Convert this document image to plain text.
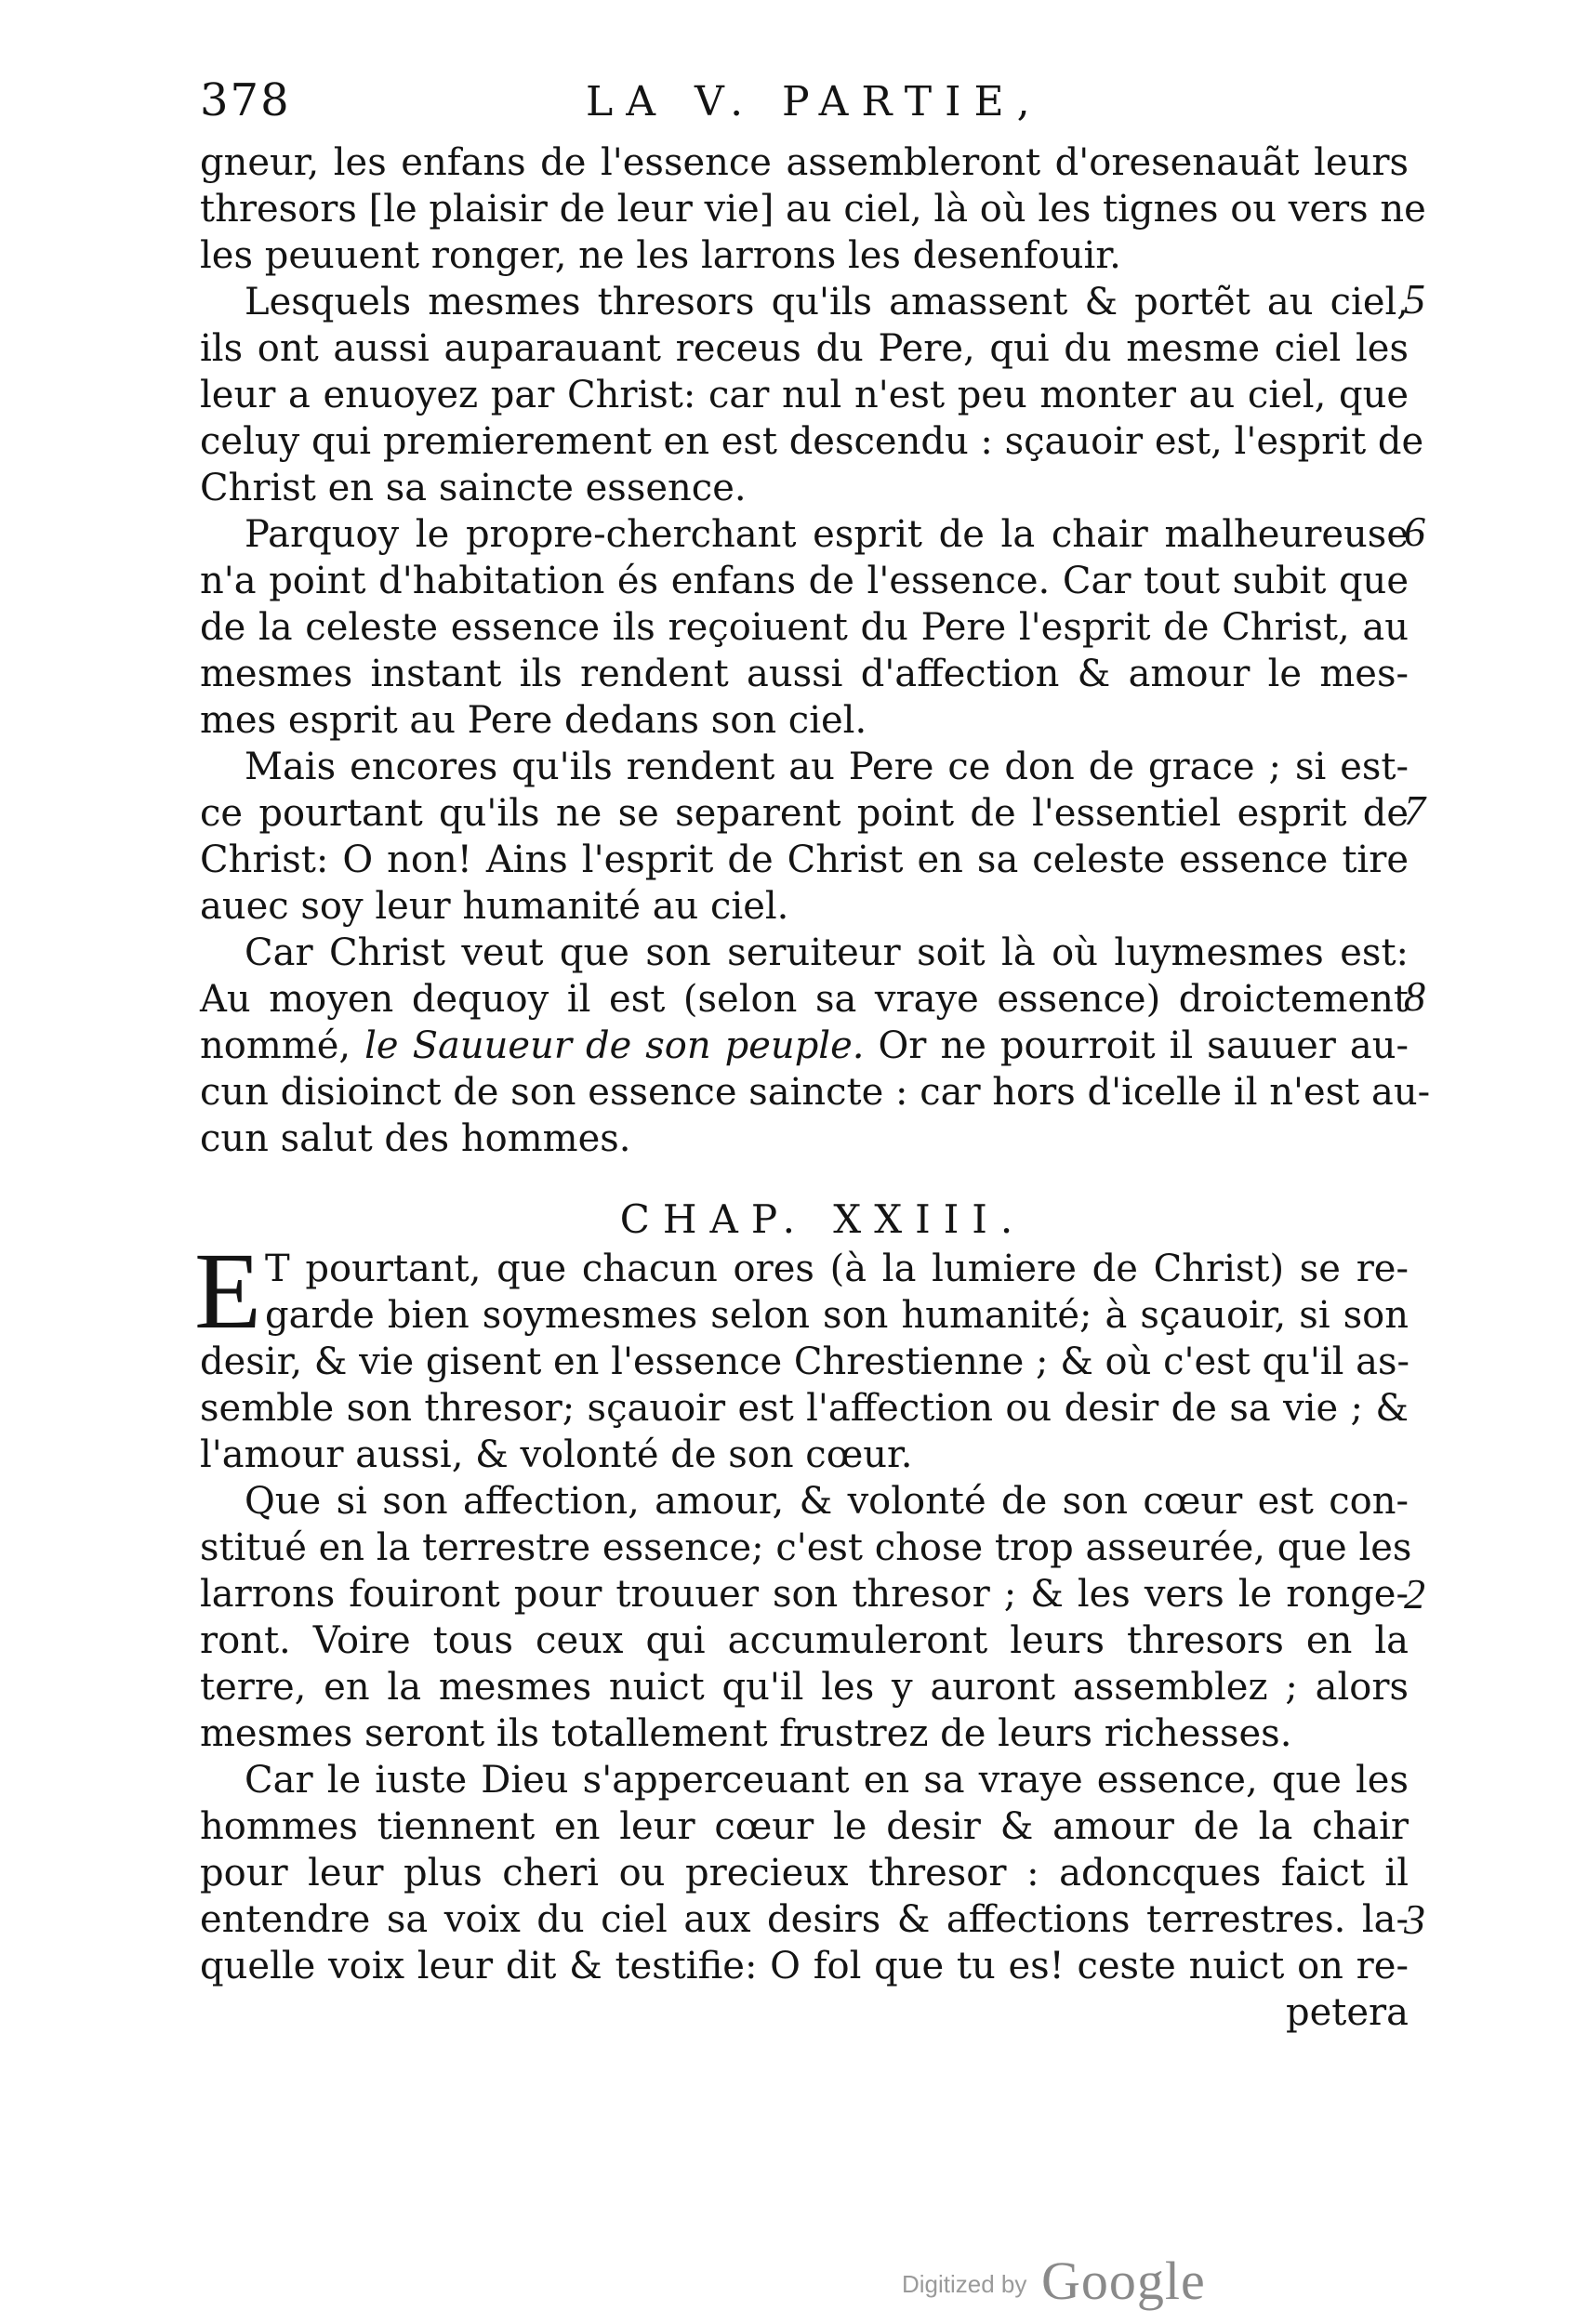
378	LA V. PARTIE,
5
6
7
8
2
3
gneur, les enfans de l'essence assembleront d'oresenauãt leurs
thresors [le plaisir de leur vie] au ciel, là où les tignes ou vers ne
les peuuent ronger, ne les larrons les desenfouir.
Lesquels mesmes thresors qu'ils amassent & portẽt au ciel,
ils ont aussi auparauant receus du Pere, qui du mesme ciel les
leur a enuoyez par Christ: car nul n'est peu monter au ciel, que
celuy qui premierement en est descendu : sçauoir est, l'esprit de
Christ en sa saincte essence.
Parquoy le propre-cherchant esprit de la chair malheureuse
n'a point d'habitation és enfans de l'essence. Car tout subit que
de la celeste essence ils reçoiuent du Pere l'esprit de Christ, au
mesmes instant ils rendent aussi d'affection & amour le mes-
mes esprit au Pere dedans son ciel.
Mais encores qu'ils rendent au Pere ce don de grace ; si est-
ce pourtant qu'ils ne se separent point de l'essentiel esprit de
Christ: O non! Ains l'esprit de Christ en sa celeste essence tire
auec soy leur humanité au ciel.
Car Christ veut que son seruiteur soit là où luymesmes est:
Au moyen dequoy il est (selon sa vraye essence) droictement
nommé, le Sauueur de son peuple. Or ne pourroit il sauuer au-
cun disioinct de son essence saincte : car hors d'icelle il n'est au-
cun salut des hommes.
CHAP. XXIII.
E T pourtant, que chacun ores (à la lumiere de Christ) se re-
garde bien soymesmes selon son humanité; à sçauoir, si son
desir, & vie gisent en l'essence Chrestienne ; & où c'est qu'il as-
semble son thresor; sçauoir est l'affection ou desir de sa vie ; &
l'amour aussi, & volonté de son cœur.
Que si son affection, amour, & volonté de son cœur est con-
stitué en la terrestre essence; c'est chose trop asseurée, que les
larrons fouiront pour trouuer son thresor ; & les vers le ronge-
ront. Voire tous ceux qui accumuleront leurs thresors en la
terre, en la mesmes nuict qu'il les y auront assemblez ; alors
mesmes seront ils totallement frustrez de leurs richesses.
Car le iuste Dieu s'apperceuant en sa vraye essence, que les
hommes tiennent en leur cœur le desir & amour de la chair
pour leur plus cheri ou precieux thresor : adoncques faict il
entendre sa voix du ciel aux desirs & affections terrestres. la-
quelle voix leur dit & testifie: O fol que tu es! ceste nuict on re-
petera
Digitized by Google
